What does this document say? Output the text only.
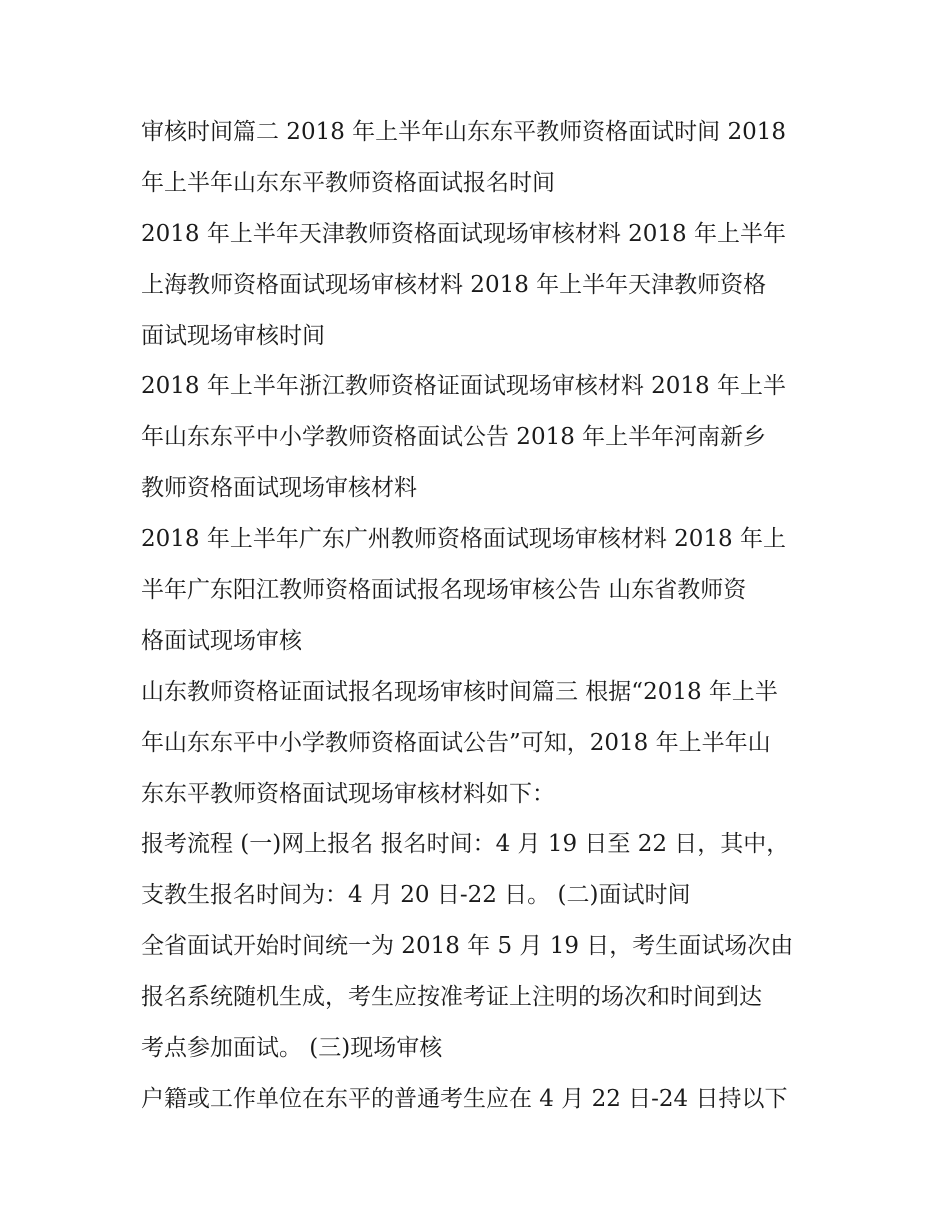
审核时间篇二 2018 年上半年山东东平教师资格面试时间 2018
年上半年山东东平教师资格面试报名时间
2018 年上半年天津教师资格面试现场审核材料 2018 年上半年
上海教师资格面试现场审核材料 2018 年上半年天津教师资格
面试现场审核时间
2018 年上半年浙江教师资格证面试现场审核材料 2018 年上半
年山东东平中小学教师资格面试公告 2018 年上半年河南新乡
教师资格面试现场审核材料
2018 年上半年广东广州教师资格面试现场审核材料 2018 年上
半年广东阳江教师资格面试报名现场审核公告 山东省教师资
格面试现场审核
山东教师资格证面试报名现场审核时间篇三 根据“2018 年上半
年山东东平中小学教师资格面试公告”可知，2018 年上半年山
东东平教师资格面试现场审核材料如下：
报考流程 (一)网上报名 报名时间：4 月 19 日至 22 日，其中，
支教生报名时间为：4 月 20 日-22 日。 (二)面试时间
全省面试开始时间统一为 2018 年 5 月 19 日，考生面试场次由
报名系统随机生成，考生应按准考证上注明的场次和时间到达
考点参加面试。 (三)现场审核
户籍或工作单位在东平的普通考生应在 4 月 22 日-24 日持以下
